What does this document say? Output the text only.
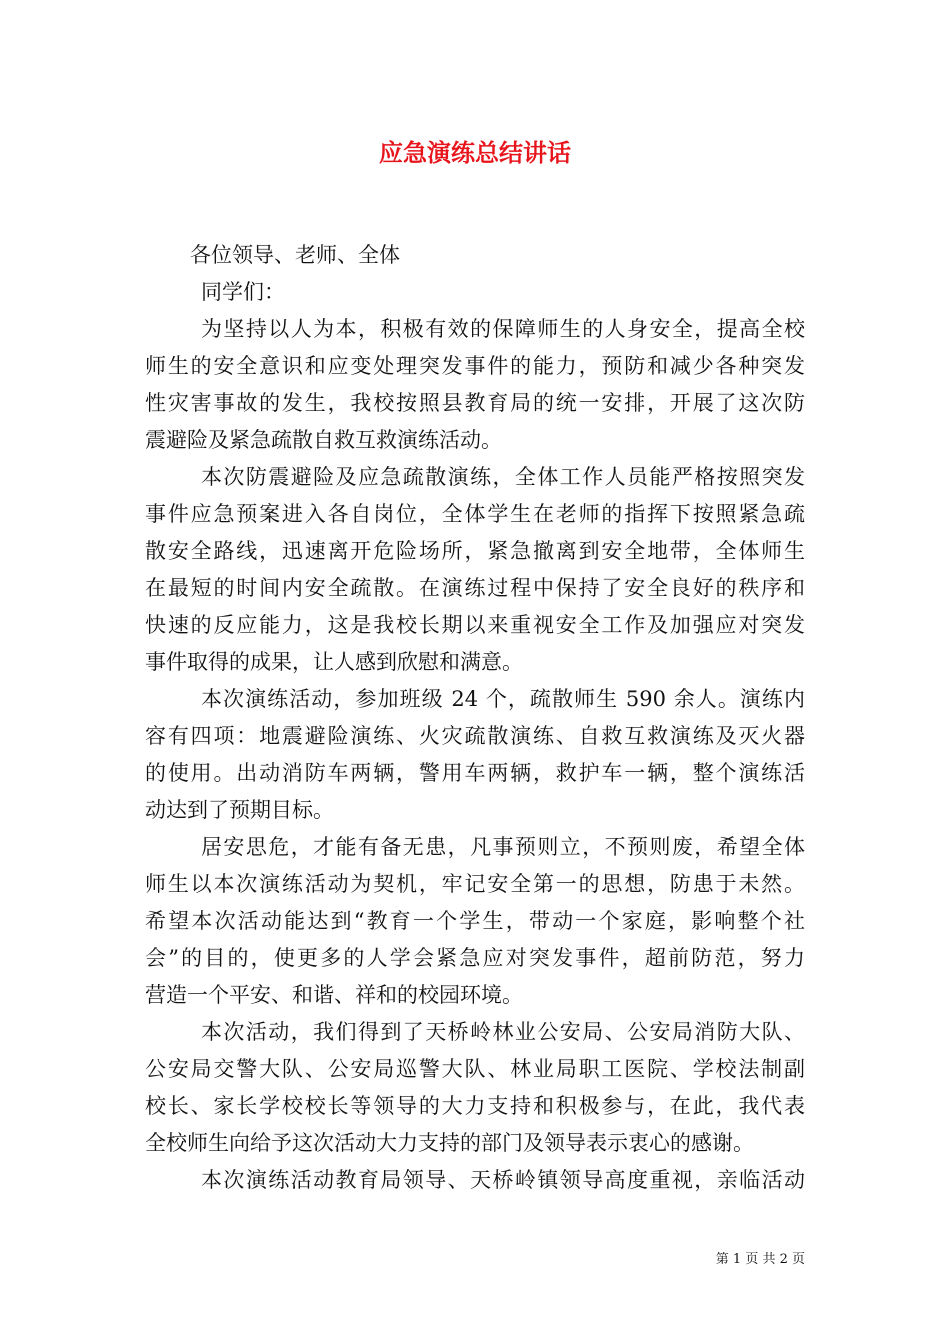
应急演练总结讲话
各位领导、老师、全体
同学们：
为坚持以人为本，积极有效的保障师生的人身安全，提高全校
师生的安全意识和应变处理突发事件的能力，预防和减少各种突发
性灾害事故的发生，我校按照县教育局的统一安排，开展了这次防
震避险及紧急疏散自救互救演练活动。
本次防震避险及应急疏散演练，全体工作人员能严格按照突发
事件应急预案进入各自岗位，全体学生在老师的指挥下按照紧急疏
散安全路线，迅速离开危险场所，紧急撤离到安全地带，全体师生
在最短的时间内安全疏散。在演练过程中保持了安全良好的秩序和
快速的反应能力，这是我校长期以来重视安全工作及加强应对突发
事件取得的成果，让人感到欣慰和满意。
本次演练活动，参加班级 24 个，疏散师生 590 余人。演练内
容有四项：地震避险演练、火灾疏散演练、自救互救演练及灭火器
的使用。出动消防车两辆，警用车两辆，救护车一辆，整个演练活
动达到了预期目标。
居安思危，才能有备无患，凡事预则立，不预则废，希望全体
师生以本次演练活动为契机，牢记安全第一的思想，防患于未然。
希望本次活动能达到“教育一个学生，带动一个家庭，影响整个社
会”的目的，使更多的人学会紧急应对突发事件，超前防范，努力
营造一个平安、和谐、祥和的校园环境。
本次活动，我们得到了天桥岭林业公安局、公安局消防大队、
公安局交警大队、公安局巡警大队、林业局职工医院、学校法制副
校长、家长学校校长等领导的大力支持和积极参与，在此，我代表
全校师生向给予这次活动大力支持的部门及领导表示衷心的感谢。
本次演练活动教育局领导、天桥岭镇领导高度重视，亲临活动
第 1 页 共 2 页
